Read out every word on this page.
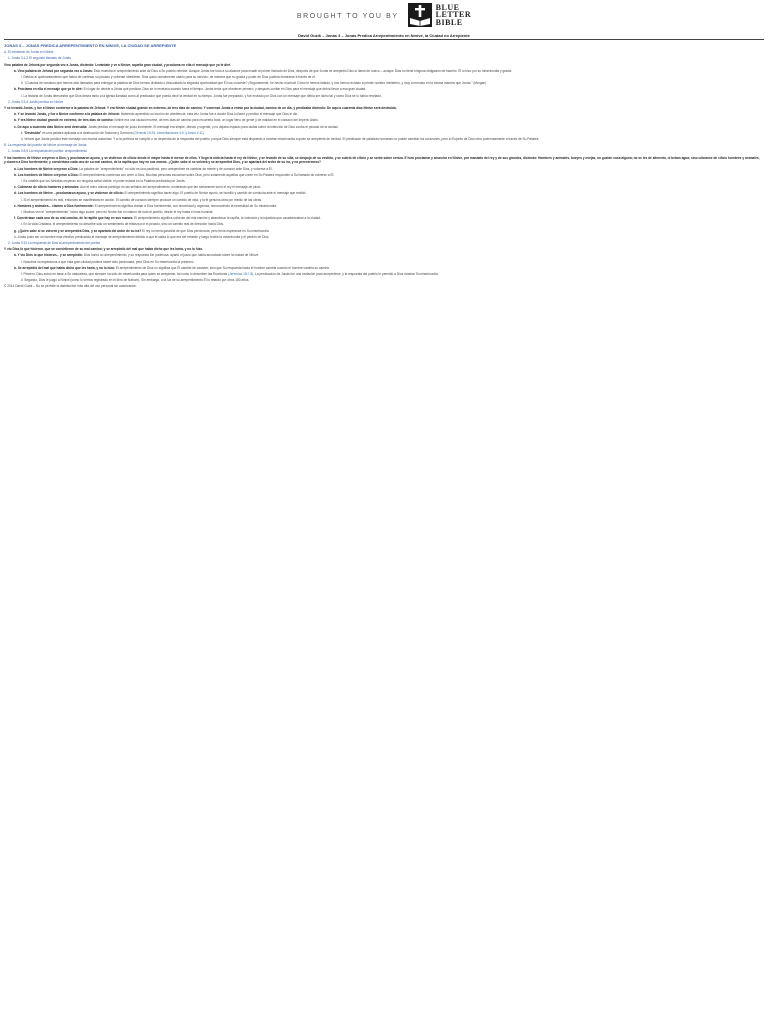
BROUGHT TO YOU BY
BLUE
LETTER
BIBLE
David Guzik – Jonás 3 – Jonás Predica Arrepentimiento en Nínive, la Ciudad no Arrepiente

JONÁS 3 – JONÁS PREDICA ARREPENTIMIENTO EN NÍNIVE, LA CIUDAD SE ARREPIENTE

A. El ministerio de Jonás en Nínive.

1. Jonás 3:1-2 El segundo llamado de Jonás

Vino palabra de Jehová por segunda vez a Jonás, diciendo: Levántate y ve a Nínive, aquella gran ciudad, y proclama en ella el mensaje que yo te diré.

a. Vino palabra de Jehová por segunda vez a Jonás: Esto muestra el arrepentimiento ante de Dios a Su pueblo rebelde. Aunque Jonás fue todo a su alcance para evadir al primer llamado de Dios, después de que Jonás se arrepintió Dios lo llamó de nuevo – aunque Dios no tiene ninguna obligación de hacerlo. Él lo hizo por su misericordia y gracia.

i. Debido al quebrantamiento que había de confesar su pecado y volverse obediente, Dios quiso nuevamente usarlo para su servicio; de manera que su gracia y poder de Dios pudiera mostrarse a través de él.

ii. "¡Cuántos de nosotros que hemos sido llamados para entregar la palabra de Dios hemos olvidado o descuidado la segunda oportunidad que Él nos concede? ¡Seguramente, he hecho muchos! Cómo le hemos fallado, y nos hemos echado a perder nuestro ministerio, y muy a menudo en la misma manera que Jonás." (Morgan)

b. Proclama en ella el mensaje que yo te diré: En lugar de decirle a Jonás qué predicar, Dios se lo revelaría cuando fuera el tiempo. Jonás tenía que obedecer primero, y después confiar en Dios para el mensaje que debía llevar a esa gran ciudad.

i. La historia de Jonás demuestra que Dios desea tanto a la iglesia llamada como al predicador que pueda decir la verdad en su tiempo. Jonás fue preparado, y fue enviado por Dios con un mensaje que debía ser dicho tal y como Dios se lo había revelado.

2. Jonás 3:3-4 Jonás predica en Nínive

Y se levantó Jonás, y fue a Nínive conforme a la palabra de Jehová. Y era Nínive ciudad grande en extremo, de tres días de camino. Y comenzó Jonás a entrar por la ciudad, camino de un día, y predicaba diciendo: De aquí a cuarenta días Nínive será destruida.

a. Y se levantó Jonás, y fue a Nínive conforme a la palabra de Jehová: Habiendo aprendido su lección de obediencia, esta vez Jonás fue a donde Dios lo llamó y predicó el mensaje que Dios le dio.

b. Y era Nínive ciudad grande en extremo, de tres días de camino: Nínive era una ciudad enorme, de tres días de camino para recorrerla toda; un lugar lleno de gente y de maldad en el corazón del Imperio Asirio.

c. De aquí a cuarenta días Nínive será destruida: Jonás predicó el mensaje de juicio inminente. El mensaje era simple, directo y urgente, y no dejaba espacio para dudas sobre la intención de Dios contra el pecado de la ciudad.

i. "Destruida" es una palabra aplicada a la destrucción de Sodoma y Gomorra (Génesis 19:25, Lamentaciones 4:6, y Amós 4:11).

ii. Vemos que Jonás predicó este mensaje con mucha autoridad. Y si la profecía se cumplió o no dependía de la respuesta del pueblo, porque Dios siempre está dispuesto a mostrar misericordia a quien se arrepiente de verdad. El predicador de palabras humanas no puede cambiar los corazones, pero el Espíritu de Dios obra poderosamente a través de Su Palabra.

B. La respuesta del pueblo de Nínive al mensaje de Jonás.

1. Jonás 3:5-9 La respuesta del pueblo: arrepentimiento

Y los hombres de Nínive creyeron a Dios, y proclamaron ayuno, y se vistieron de cilicio desde el mayor hasta el menor de ellos. Y llegó la noticia hasta el rey de Nínive, y se levantó de su silla, se despojó de su vestido, y se cubrió de cilicio y se sentó sobre ceniza. E hizo proclamar y anunciar en Nínive, por mandato del rey y de sus grandes, diciendo: Hombres y animales, bueyes y ovejas, no gusten cosa alguna; no se les dé alimento, ni beban agua; sino cúbranse de cilicio hombres y animales, y clamen a Dios fuertemente; y conviértase cada uno de su mal camino, de la rapiña que hay en sus manos. ¿Quién sabe si se volverá y se arrepentirá Dios, y se apartará del ardor de su ira, y no pereceremos?

a. Los hombres de Nínive creyeron a Dios: La palabra de "arrepentimiento" no sólo es una parábola, pero arrepentirse es cambiar de mente y de corazón ante Dios, y volverse a Él.

b. Los hombres de Nínive creyeron a Dios: El arrepentimiento comienza con creer a Dios. Muchas personas escuchan sobre Dios, pero solamente aquellos que creen en Su Palabra responden a Su llamado de volverse a Él.

i. Es notable que los Ninivitas creyeran sin ninguna señal visible; el poder estaba en la Palabra predicada por Jonás.

c. Cúbranse de cilicio hombres y animales: Aun el reino animal participó en las señales del arrepentimiento, mostrando qué tan seriamente tomó el rey el mensaje de juicio.

d. Los hombres de Nínive ...proclamaron ayuno, y se vistieron de cilicio: El arrepentimiento significa hacer algo. El pueblo de Nínive ayunó, se humilló y cambió de conducta ante el mensaje que recibió.

i. Si el arrepentimiento es real, entonces se manifestará en acción. El cambio de corazón siempre produce un cambio de vida, y la fe genuina obra por medio de las obras.

e. Hombres y animales... clamen a Dios fuertemente: El arrepentimiento significa clamar a Dios fuertemente, con sinceridad y urgencia, reconociendo la necesidad de Su misericordia.

i. Muchos ven el "arrepentimiento" como algo suave, pero en Nínive fue un clamor de todo el pueblo, desde el rey hasta el más humilde.

f. Conviértase cada uno de su mal camino, de la rapiña que hay en sus manos: El arrepentimiento significa volverse del mal camino y abandonar la rapiña, la violencia y la injusticia que caracterizaban a la ciudad.

i. En la vida Cristiana, el arrepentimiento no describe sólo un sentimiento de tristeza por el pecado, sino un cambio real de dirección hacia Dios.

g. ¿Quién sabe si se volverá y se arrepentirá Dios, y se apartará del ardor de su ira? El rey no tenía garantía de que Dios perdonaría, pero tenía esperanza en Su misericordia.

h. Jonás pudo ser un hombre más efectivo predicando el mensaje de arrepentimiento debido a que él sabía lo que era ser rebelde y luego recibir la misericordia y el perdón de Dios.

2. Jonás 3:10 La respuesta de Dios al arrepentimiento del pueblo

Y vio Dios lo que hicieron, que se convirtieron de su mal camino; y se arrepintió del mal que había dicho que les haría, y no lo hizo.

a. Y vio Dios lo que hicieron... y se arrepintió: Dios honró su arrepentimiento, y su respuesta fue poderosa: apartó el juicio que había anunciado sobre la ciudad de Nínive.

i. Nosotros no esperamos a que esta gran ciudad pudiera haber sido perdonada, pero Dios en Su misericordia la preservó.

b. Se arrepintió del mal que había dicho que les haría, y no lo hizo: El arrepentimiento de Dios no significa que Él cambie de carácter, sino que Su respuesta hacia el hombre cambia cuando el hombre cambia su camino.

i. Primero, Dios actuó en base a Su naturaleza, que siempre ha sido de misericordia para quien se arrepiente, tal como lo describen las Escrituras (Jeremías 18:7-8). La predicación de Jonás fue una invitación para arrepentirse, y la respuesta del pueblo le permitió a Dios mostrar Su misericordia.

ii. Segundo, Dios le juzgó a Nínive (como lo vemos registrado en el libro de Nahum). Sin embargo, a la luz de su arrepentimiento Él lo retardó por otros 150 años.

© 2014 David Guzik – No se permite la distribución más allá del uso personal sin autorización
